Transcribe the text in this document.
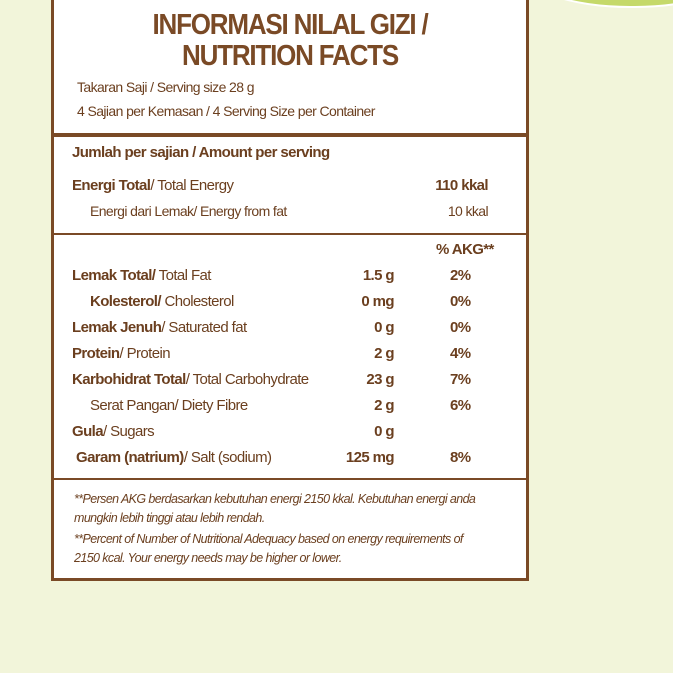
INFORMASI NILAL GIZI /
NUTRITION FACTS
Takaran Saji / Serving size 28 g
4 Sajian per Kemasan / 4 Serving Size per Container
Jumlah per sajian / Amount per serving
Energi Total/ Total Energy	110 kkal
Energi dari Lemak/ Energy from fat	10 kkal
% AKG**
Lemak Total/ Total Fat	1.5 g	2%
Kolesterol/ Cholesterol	0 mg	0%
Lemak Jenuh/ Saturated fat	0 g	0%
Protein/ Protein	2 g	4%
Karbohidrat Total/ Total Carbohydrate	23 g	7%
Serat Pangan/ Diety Fibre	2 g	6%
Gula/ Sugars	0 g
Garam (natrium)/ Salt (sodium)	125 mg	8%
**Persen AKG berdasarkan kebutuhan energi 2150 kkal. Kebutuhan energi anda
mungkin lebih tinggi atau lebih rendah.
**Percent of Number of Nutritional Adequacy based on energy requirements of
2150 kcal. Your energy needs may be higher or lower.
